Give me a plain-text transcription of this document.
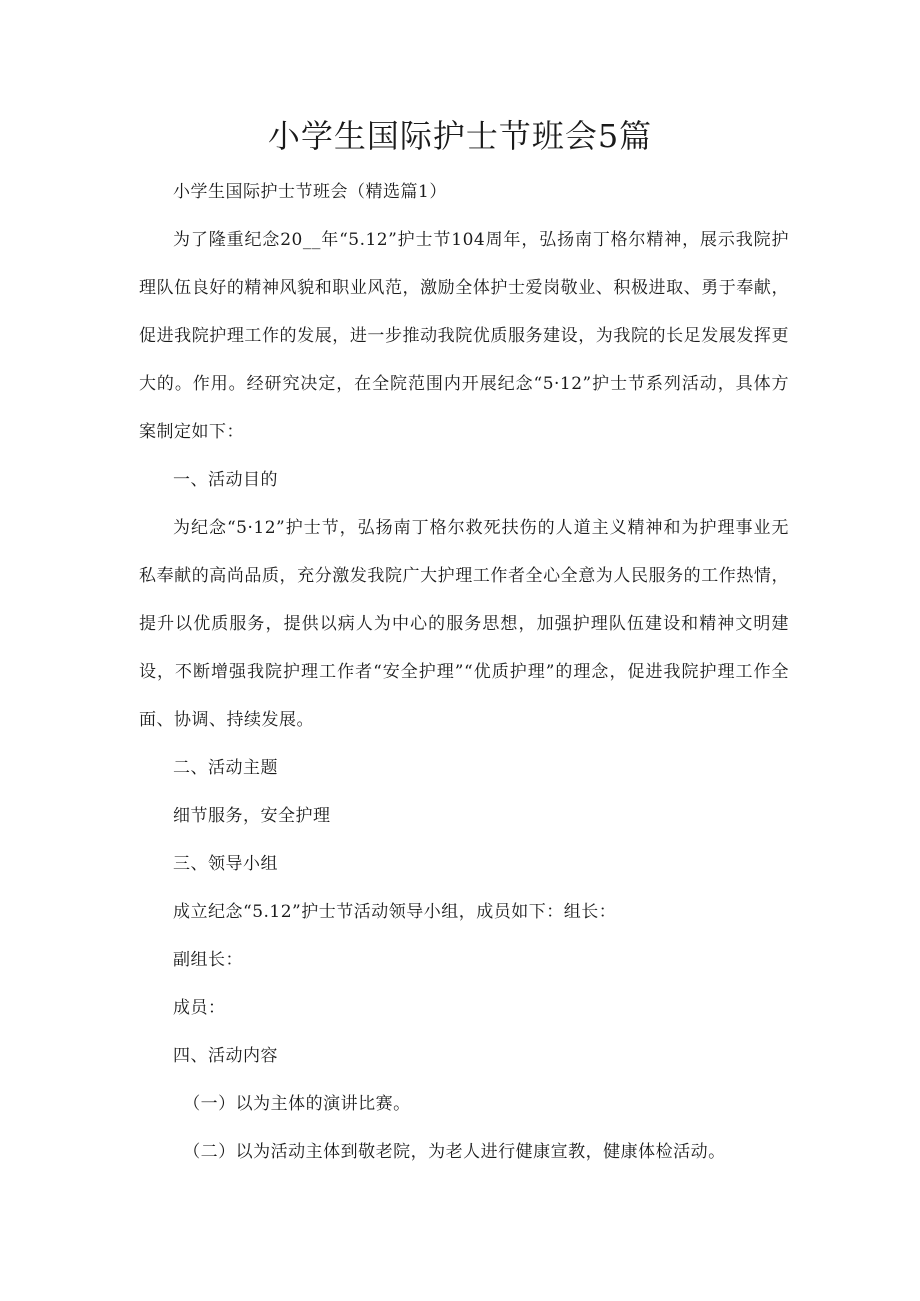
小学生国际护士节班会5篇

小学生国际护士节班会（精选篇1）

为了隆重纪念20__年“5.12”护士节104周年，弘扬南丁格尔精神，展示我院护理队伍良好的精神风貌和职业风范，激励全体护士爱岗敬业、积极进取、勇于奉献，促进我院护理工作的发展，进一步推动我院优质服务建设，为我院的长足发展发挥更大的。作用。经研究决定，在全院范围内开展纪念“5·12”护士节系列活动，具体方案制定如下：

一、活动目的

为纪念“5·12”护士节，弘扬南丁格尔救死扶伤的人道主义精神和为护理事业无私奉献的高尚品质，充分激发我院广大护理工作者全心全意为人民服务的工作热情，提升以优质服务，提供以病人为中心的服务思想，加强护理队伍建设和精神文明建设，不断增强我院护理工作者“安全护理”“优质护理”的理念，促进我院护理工作全面、协调、持续发展。

二、活动主题

细节服务，安全护理

三、领导小组

成立纪念“5.12”护士节活动领导小组，成员如下：组长：

副组长：

成员：

四、活动内容

（一）以为主体的演讲比赛。

（二）以为活动主体到敬老院，为老人进行健康宣教，健康体检活动。
